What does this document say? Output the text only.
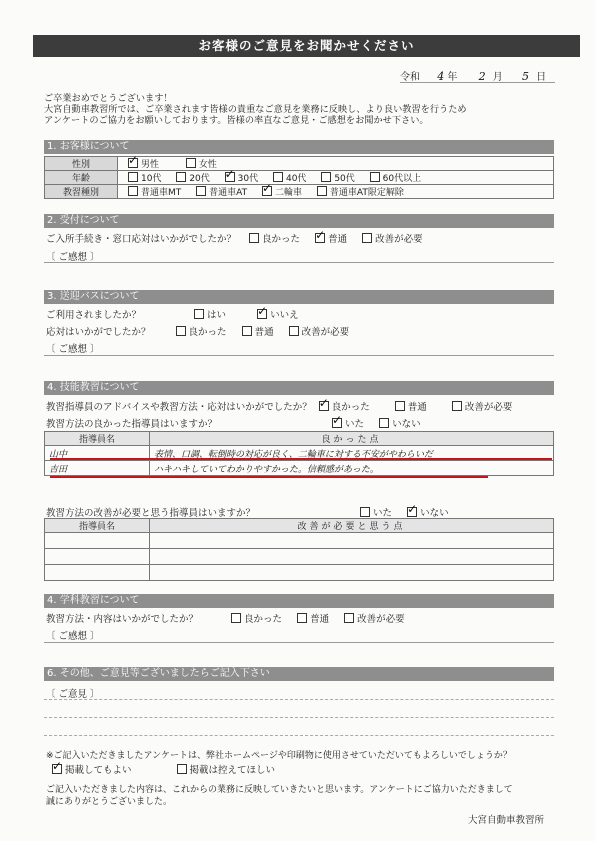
お客様のご意見をお聞かせください
令和 4 年 2 月 5 日
ご卒業おめでとうございます！
大宮自動車教習所では、ご卒業されます皆様の貴重なご意見を業務に反映し、より良い教習を行うため
アンケートのご協力をお願いしております。皆様の率直なご意見・ご感想をお聞かせ下さい。
1. お客様について
性別	✓男性 女性
年齢	10代 20代 ✓ 30代 40代 50代 60代以上
教習種別	普通車MT 普通車AT ✓ 二輪車 普通車AT限定解除
2. 受付について
ご入所手続き・窓口応対はいかがでしたか？	良かった ✓	普通	改善が必要
〔 ご感想 〕
3. 送迎バスについて
ご利用されましたか？	はい ✓	いいえ
応対はいかがでしたか？	良かった	普通	改善が必要
〔 ご感想 〕
4. 技能教習について
教習指導員のアドバイスや教習方法・応対はいかがでしたか？ ✓ 良かった	普通	改善が必要
教習方法の良かった指導員はいますか？ ✓	いた	いない
指導員名	良かった点
山中	表情、口調、転倒時の対応が良く、二輪車に対する不安がやわらいだ
吉田	ハキハキしていてわかりやすかった。信頼感があった。
教習方法の改善が必要と思う指導員はいますか？	いた ✓	いない
指導員名	改善が必要と思う点

4. 学科教習について
教習方法・内容はいかがでしたか？	良かった	普通	改善が必要
〔 ご感想 〕
6. その他、ご意見等ございましたらご記入下さい
〔 ご意見 〕
※ご記入いただきましたアンケートは、弊社ホームページや印刷物に使用させていただいてもよろしいでしょうか？
✓掲載してもよい	掲載は控えてほしい
ご記入いただきました内容は、これからの業務に反映していきたいと思います。アンケートにご協力いただきまして
誠にありがとうございました。
大宮自動車教習所
